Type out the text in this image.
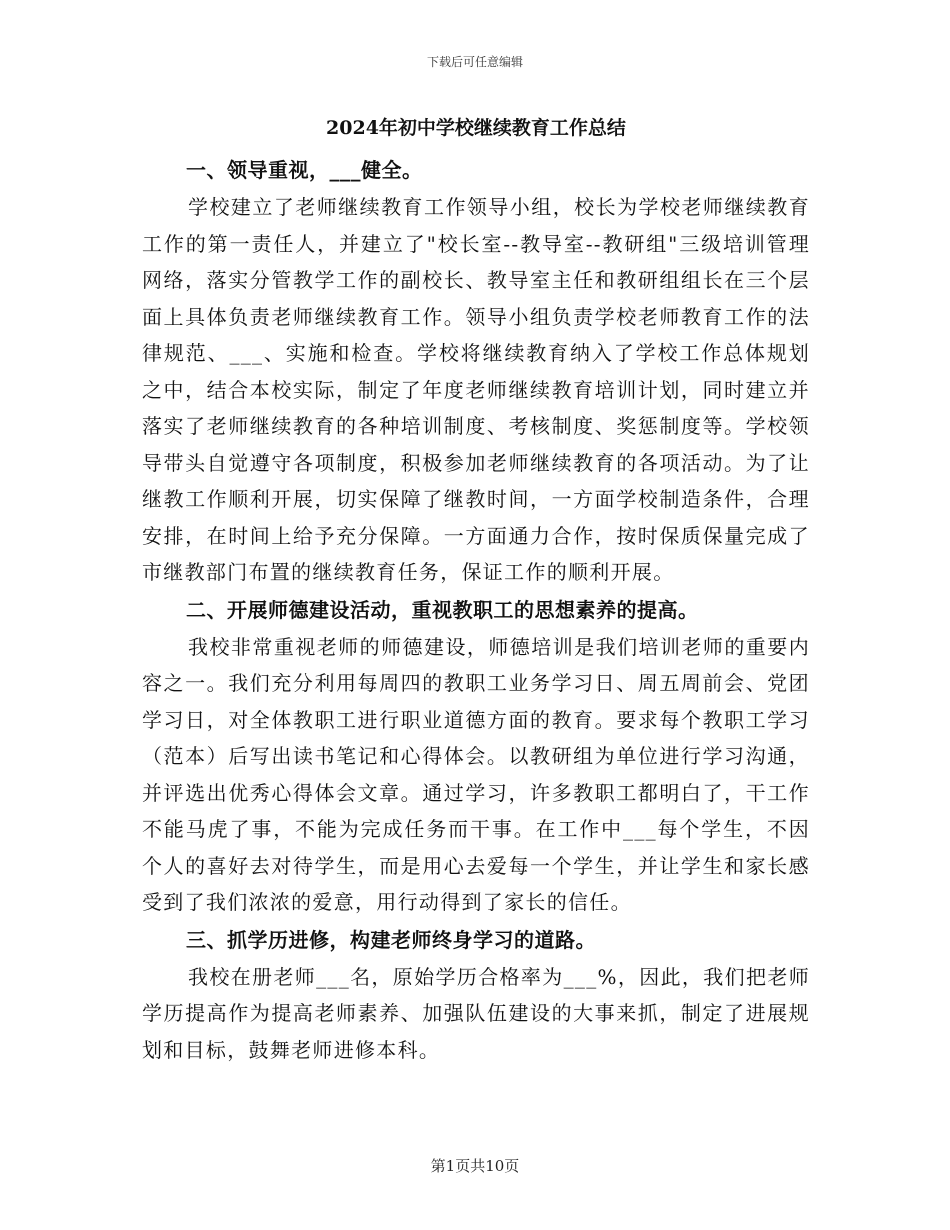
下载后可任意编辑
2024年初中学校继续教育工作总结

一、领导重视，___健全。

学校建立了老师继续教育工作领导小组，校长为学校老师继续教育工作的第一责任人，并建立了"校长室--教导室--教研组"三级培训管理网络，落实分管教学工作的副校长、教导室主任和教研组组长在三个层面上具体负责老师继续教育工作。领导小组负责学校老师教育工作的法律规范、___、实施和检查。学校将继续教育纳入了学校工作总体规划之中，结合本校实际，制定了年度老师继续教育培训计划，同时建立并落实了老师继续教育的各种培训制度、考核制度、奖惩制度等。学校领导带头自觉遵守各项制度，积极参加老师继续教育的各项活动。为了让继教工作顺利开展，切实保障了继教时间，一方面学校制造条件，合理安排，在时间上给予充分保障。一方面通力合作，按时保质保量完成了市继教部门布置的继续教育任务，保证工作的顺利开展。

二、开展师德建设活动，重视教职工的思想素养的提高。

我校非常重视老师的师德建设，师德培训是我们培训老师的重要内容之一。我们充分利用每周四的教职工业务学习日、周五周前会、党团学习日，对全体教职工进行职业道德方面的教育。要求每个教职工学习（范本）后写出读书笔记和心得体会。以教研组为单位进行学习沟通，并评选出优秀心得体会文章。通过学习，许多教职工都明白了，干工作不能马虎了事，不能为完成任务而干事。在工作中___每个学生，不因个人的喜好去对待学生，而是用心去爱每一个学生，并让学生和家长感受到了我们浓浓的爱意，用行动得到了家长的信任。

三、抓学历进修，构建老师终身学习的道路。

我校在册老师___名，原始学历合格率为___%，因此，我们把老师学历提高作为提高老师素养、加强队伍建设的大事来抓，制定了进展规划和目标，鼓舞老师进修本科。

第1页共10页
